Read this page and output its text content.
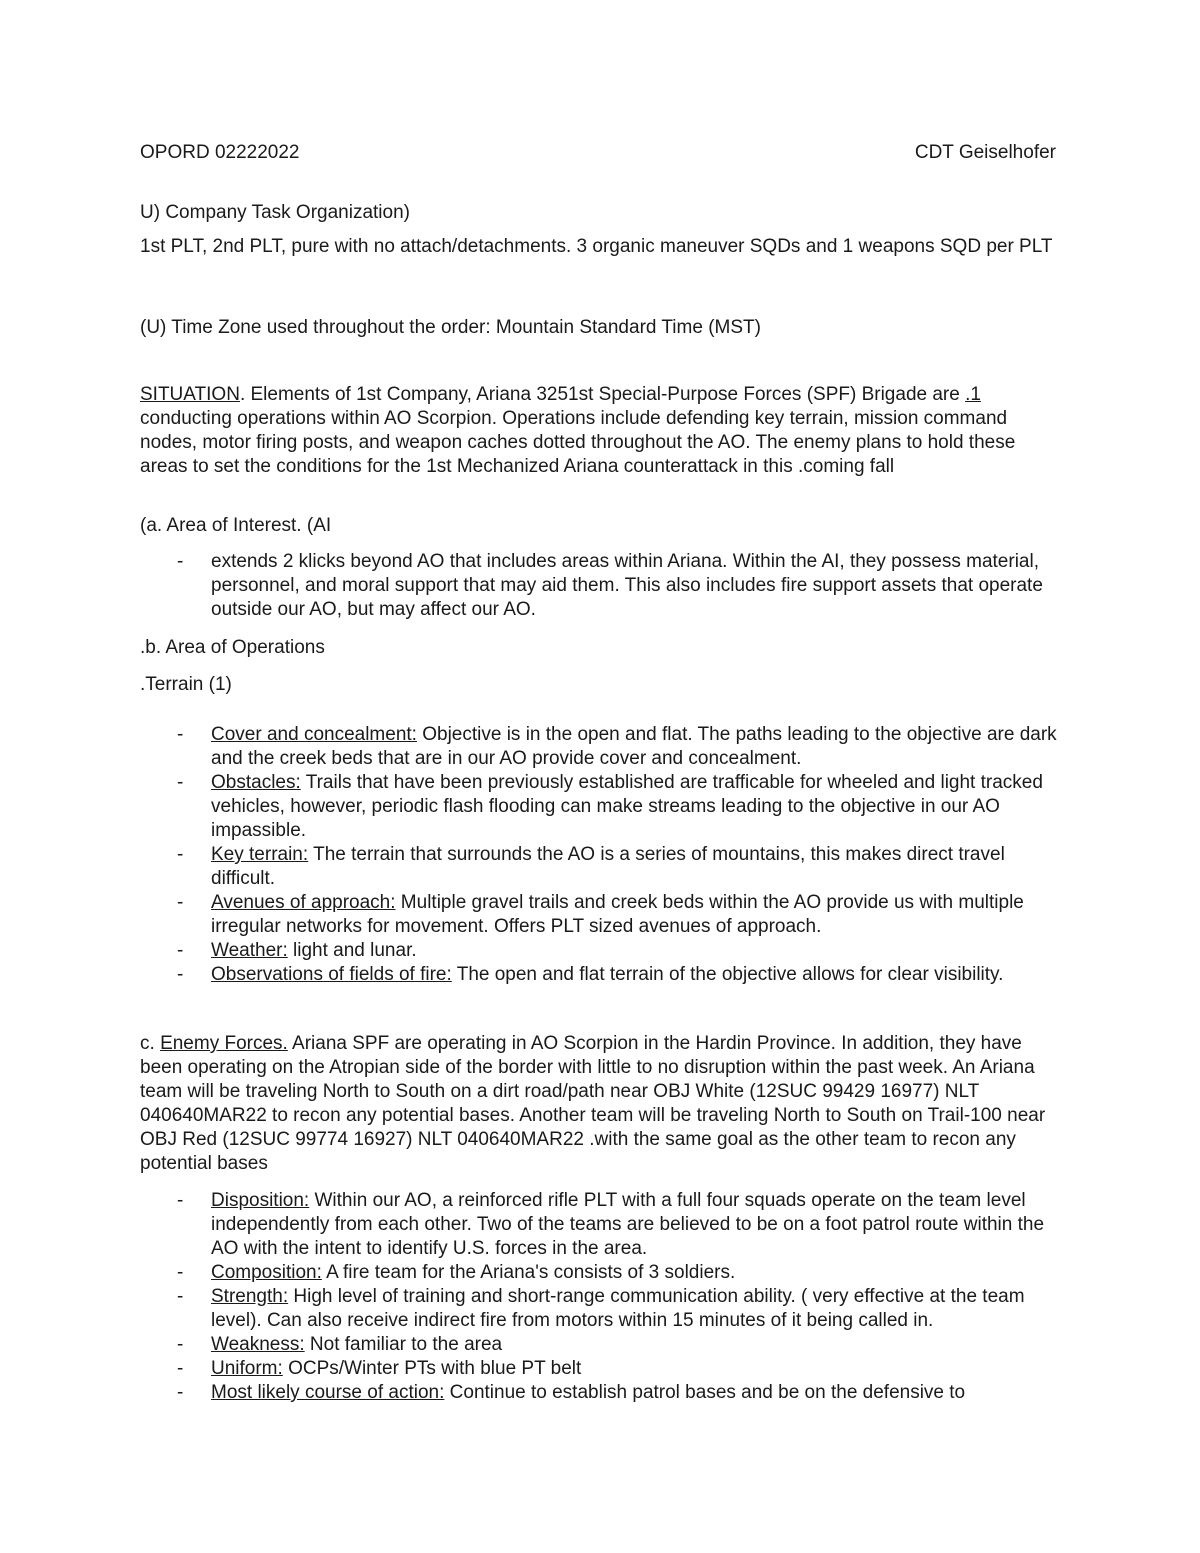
OPORD 02222022	CDT Geiselhofer

U) Company Task Organization)

1st PLT, 2nd PLT, pure with no attach/detachments. 3 organic maneuver SQDs and 1 weapons SQD per PLT

(U) Time Zone used throughout the order: Mountain Standard Time (MST)

SITUATION. Elements of 1st Company, Ariana 3251st Special-Purpose Forces (SPF) Brigade are .1 conducting operations within AO Scorpion. Operations include defending key terrain, mission command nodes, motor firing posts, and weapon caches dotted throughout the AO. The enemy plans to hold these areas to set the conditions for the 1st Mechanized Ariana counterattack in this .coming fall

(a. Area of Interest. (AI

- extends 2 klicks beyond AO that includes areas within Ariana. Within the AI, they possess material, personnel, and moral support that may aid them. This also includes fire support assets that operate outside our AO, but may affect our AO.

.b. Area of Operations

.Terrain (1)

- Cover and concealment: Objective is in the open and flat. The paths leading to the objective are dark and the creek beds that are in our AO provide cover and concealment.
- Obstacles: Trails that have been previously established are trafficable for wheeled and light tracked vehicles, however, periodic flash flooding can make streams leading to the objective in our AO impassible.
- Key terrain: The terrain that surrounds the AO is a series of mountains, this makes direct travel difficult.
- Avenues of approach: Multiple gravel trails and creek beds within the AO provide us with multiple irregular networks for movement. Offers PLT sized avenues of approach.
- Weather: light and lunar.
- Observations of fields of fire: The open and flat terrain of the objective allows for clear visibility.

c. Enemy Forces. Ariana SPF are operating in AO Scorpion in the Hardin Province. In addition, they have been operating on the Atropian side of the border with little to no disruption within the past week. An Ariana team will be traveling North to South on a dirt road/path near OBJ White (12SUC 99429 16977) NLT 040640MAR22 to recon any potential bases. Another team will be traveling North to South on Trail-100 near OBJ Red (12SUC 99774 16927) NLT 040640MAR22 .with the same goal as the other team to recon any potential bases

- Disposition: Within our AO, a reinforced rifle PLT with a full four squads operate on the team level independently from each other. Two of the teams are believed to be on a foot patrol route within the AO with the intent to identify U.S. forces in the area.
- Composition: A fire team for the Ariana's consists of 3 soldiers.
- Strength: High level of training and short-range communication ability. ( very effective at the team level). Can also receive indirect fire from motors within 15 minutes of it being called in.
- Weakness: Not familiar to the area
- Uniform: OCPs/Winter PTs with blue PT belt
- Most likely course of action: Continue to establish patrol bases and be on the defensive to
